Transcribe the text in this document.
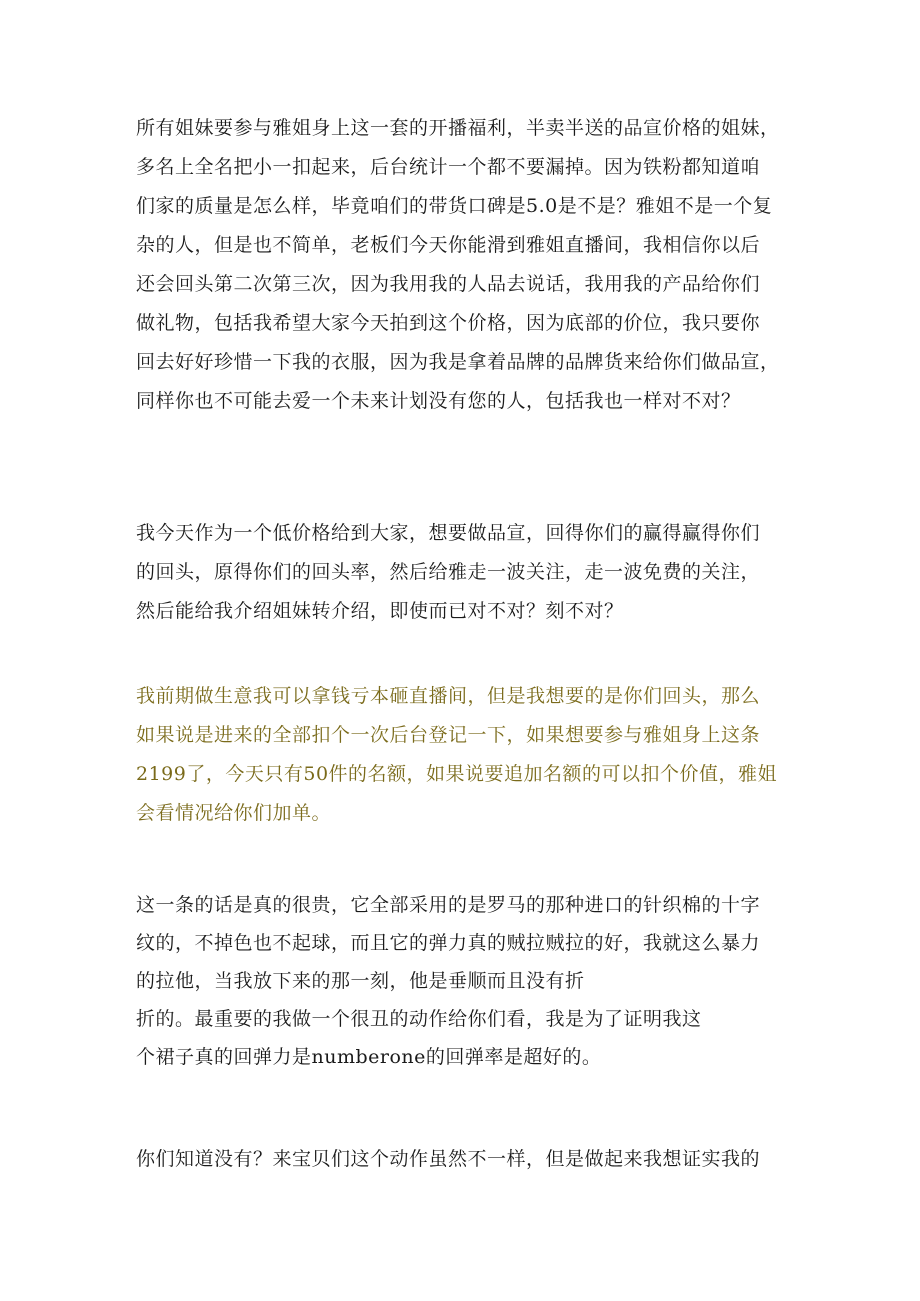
所有姐妹要参与雅姐身上这一套的开播福利，半卖半送的品宣价格的姐妹，
多名上全名把小一扣起来，后台统计一个都不要漏掉。因为铁粉都知道咱
们家的质量是怎么样，毕竟咱们的带货口碑是5.0是不是？雅姐不是一个复
杂的人，但是也不简单，老板们今天你能滑到雅姐直播间，我相信你以后
还会回头第二次第三次，因为我用我的人品去说话，我用我的产品给你们
做礼物，包括我希望大家今天拍到这个价格，因为底部的价位，我只要你
回去好好珍惜一下我的衣服，因为我是拿着品牌的品牌货来给你们做品宣，
同样你也不可能去爱一个未来计划没有您的人，包括我也一样对不对？
我今天作为一个低价格给到大家，想要做品宣，回得你们的赢得赢得你们
的回头，原得你们的回头率，然后给雅走一波关注，走一波免费的关注，
然后能给我介绍姐妹转介绍，即使而已对不对？刻不对？
我前期做生意我可以拿钱亏本砸直播间，但是我想要的是你们回头，那么
如果说是进来的全部扣个一次后台登记一下，如果想要参与雅姐身上这条
2199了，今天只有50件的名额，如果说要追加名额的可以扣个价值，雅姐
会看情况给你们加单。
这一条的话是真的很贵，它全部采用的是罗马的那种进口的针织棉的十字
纹的，不掉色也不起球，而且它的弹力真的贼拉贼拉的好，我就这么暴力
的拉他，当我放下来的那一刻，他是垂顺而且没有折
折的。最重要的我做一个很丑的动作给你们看，我是为了证明我这
个裙子真的回弹力是numberone的回弹率是超好的。
你们知道没有？来宝贝们这个动作虽然不一样，但是做起来我想证实我的
